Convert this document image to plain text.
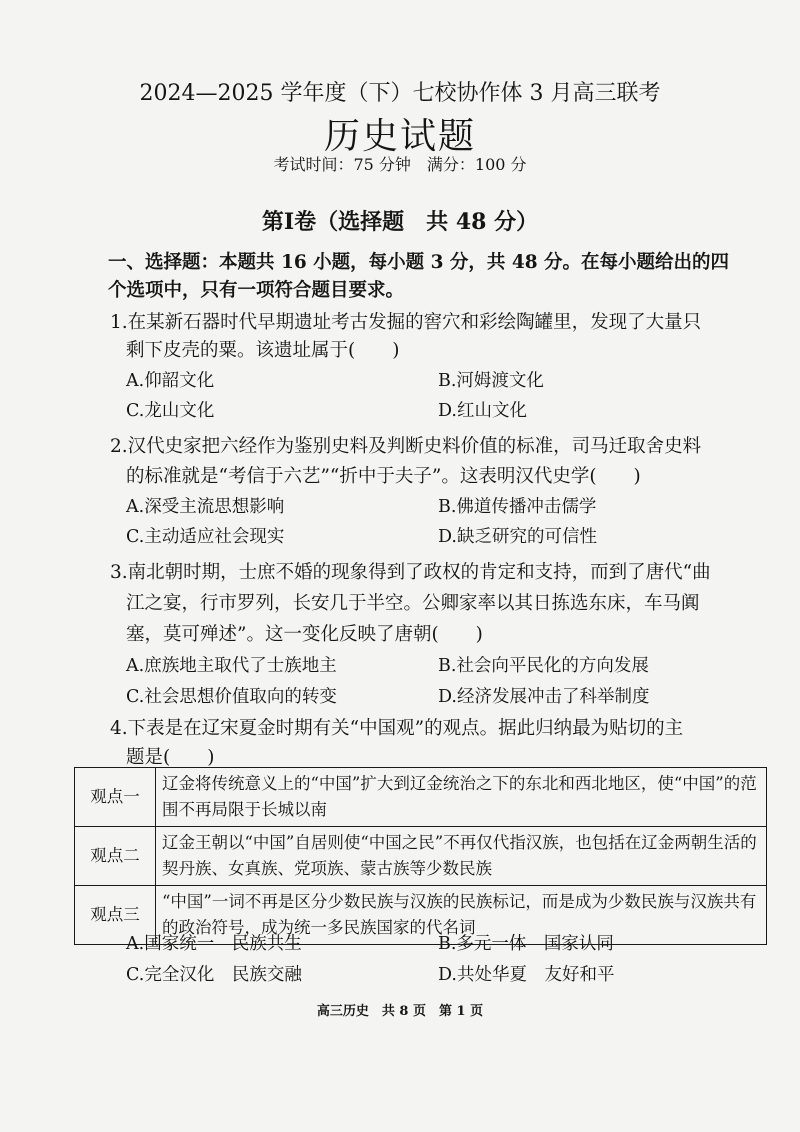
2024—2025 学年度（下）七校协作体 3 月高三联考
历史试题
考试时间：75 分钟　满分：100 分
第Ⅰ卷（选择题　共 48 分）
一、选择题：本题共 16 小题，每小题 3 分，共 48 分。在每小题给出的四
个选项中，只有一项符合题目要求。
1.在某新石器时代早期遗址考古发掘的窖穴和彩绘陶罐里，发现了大量只
剩下皮壳的粟。该遗址属于(　　)
A.仰韶文化	B.河姆渡文化
C.龙山文化	D.红山文化
2.汉代史家把六经作为鉴别史料及判断史料价值的标准，司马迁取舍史料
的标准就是“考信于六艺”“折中于夫子”。这表明汉代史学(　　)
A.深受主流思想影响	B.佛道传播冲击儒学
C.主动适应社会现实	D.缺乏研究的可信性
3.南北朝时期，士庶不婚的现象得到了政权的肯定和支持，而到了唐代“曲
江之宴，行市罗列，长安几于半空。公卿家率以其日拣选东床，车马阗
塞，莫可殚述”。这一变化反映了唐朝(　　)
A.庶族地主取代了士族地主	B.社会向平民化的方向发展
C.社会思想价值取向的转变	D.经济发展冲击了科举制度
4.下表是在辽宋夏金时期有关“中国观”的观点。据此归纳最为贴切的主
题是(　　)
观点一	辽金将传统意义上的“中国”扩大到辽金统治之下的东北和西北地区，使“中国”的范围不再局限于长城以南
观点二	辽金王朝以“中国”自居则使“中国之民”不再仅代指汉族，也包括在辽金两朝生活的契丹族、女真族、党项族、蒙古族等少数民族
观点三	“中国”一词不再是区分少数民族与汉族的民族标记，而是成为少数民族与汉族共有的政治符号，成为统一多民族国家的代名词
A.国家统一　民族共生	B.多元一体　国家认同
C.完全汉化　民族交融	D.共处华夏　友好和平
高三历史　共 8 页　第 1 页
